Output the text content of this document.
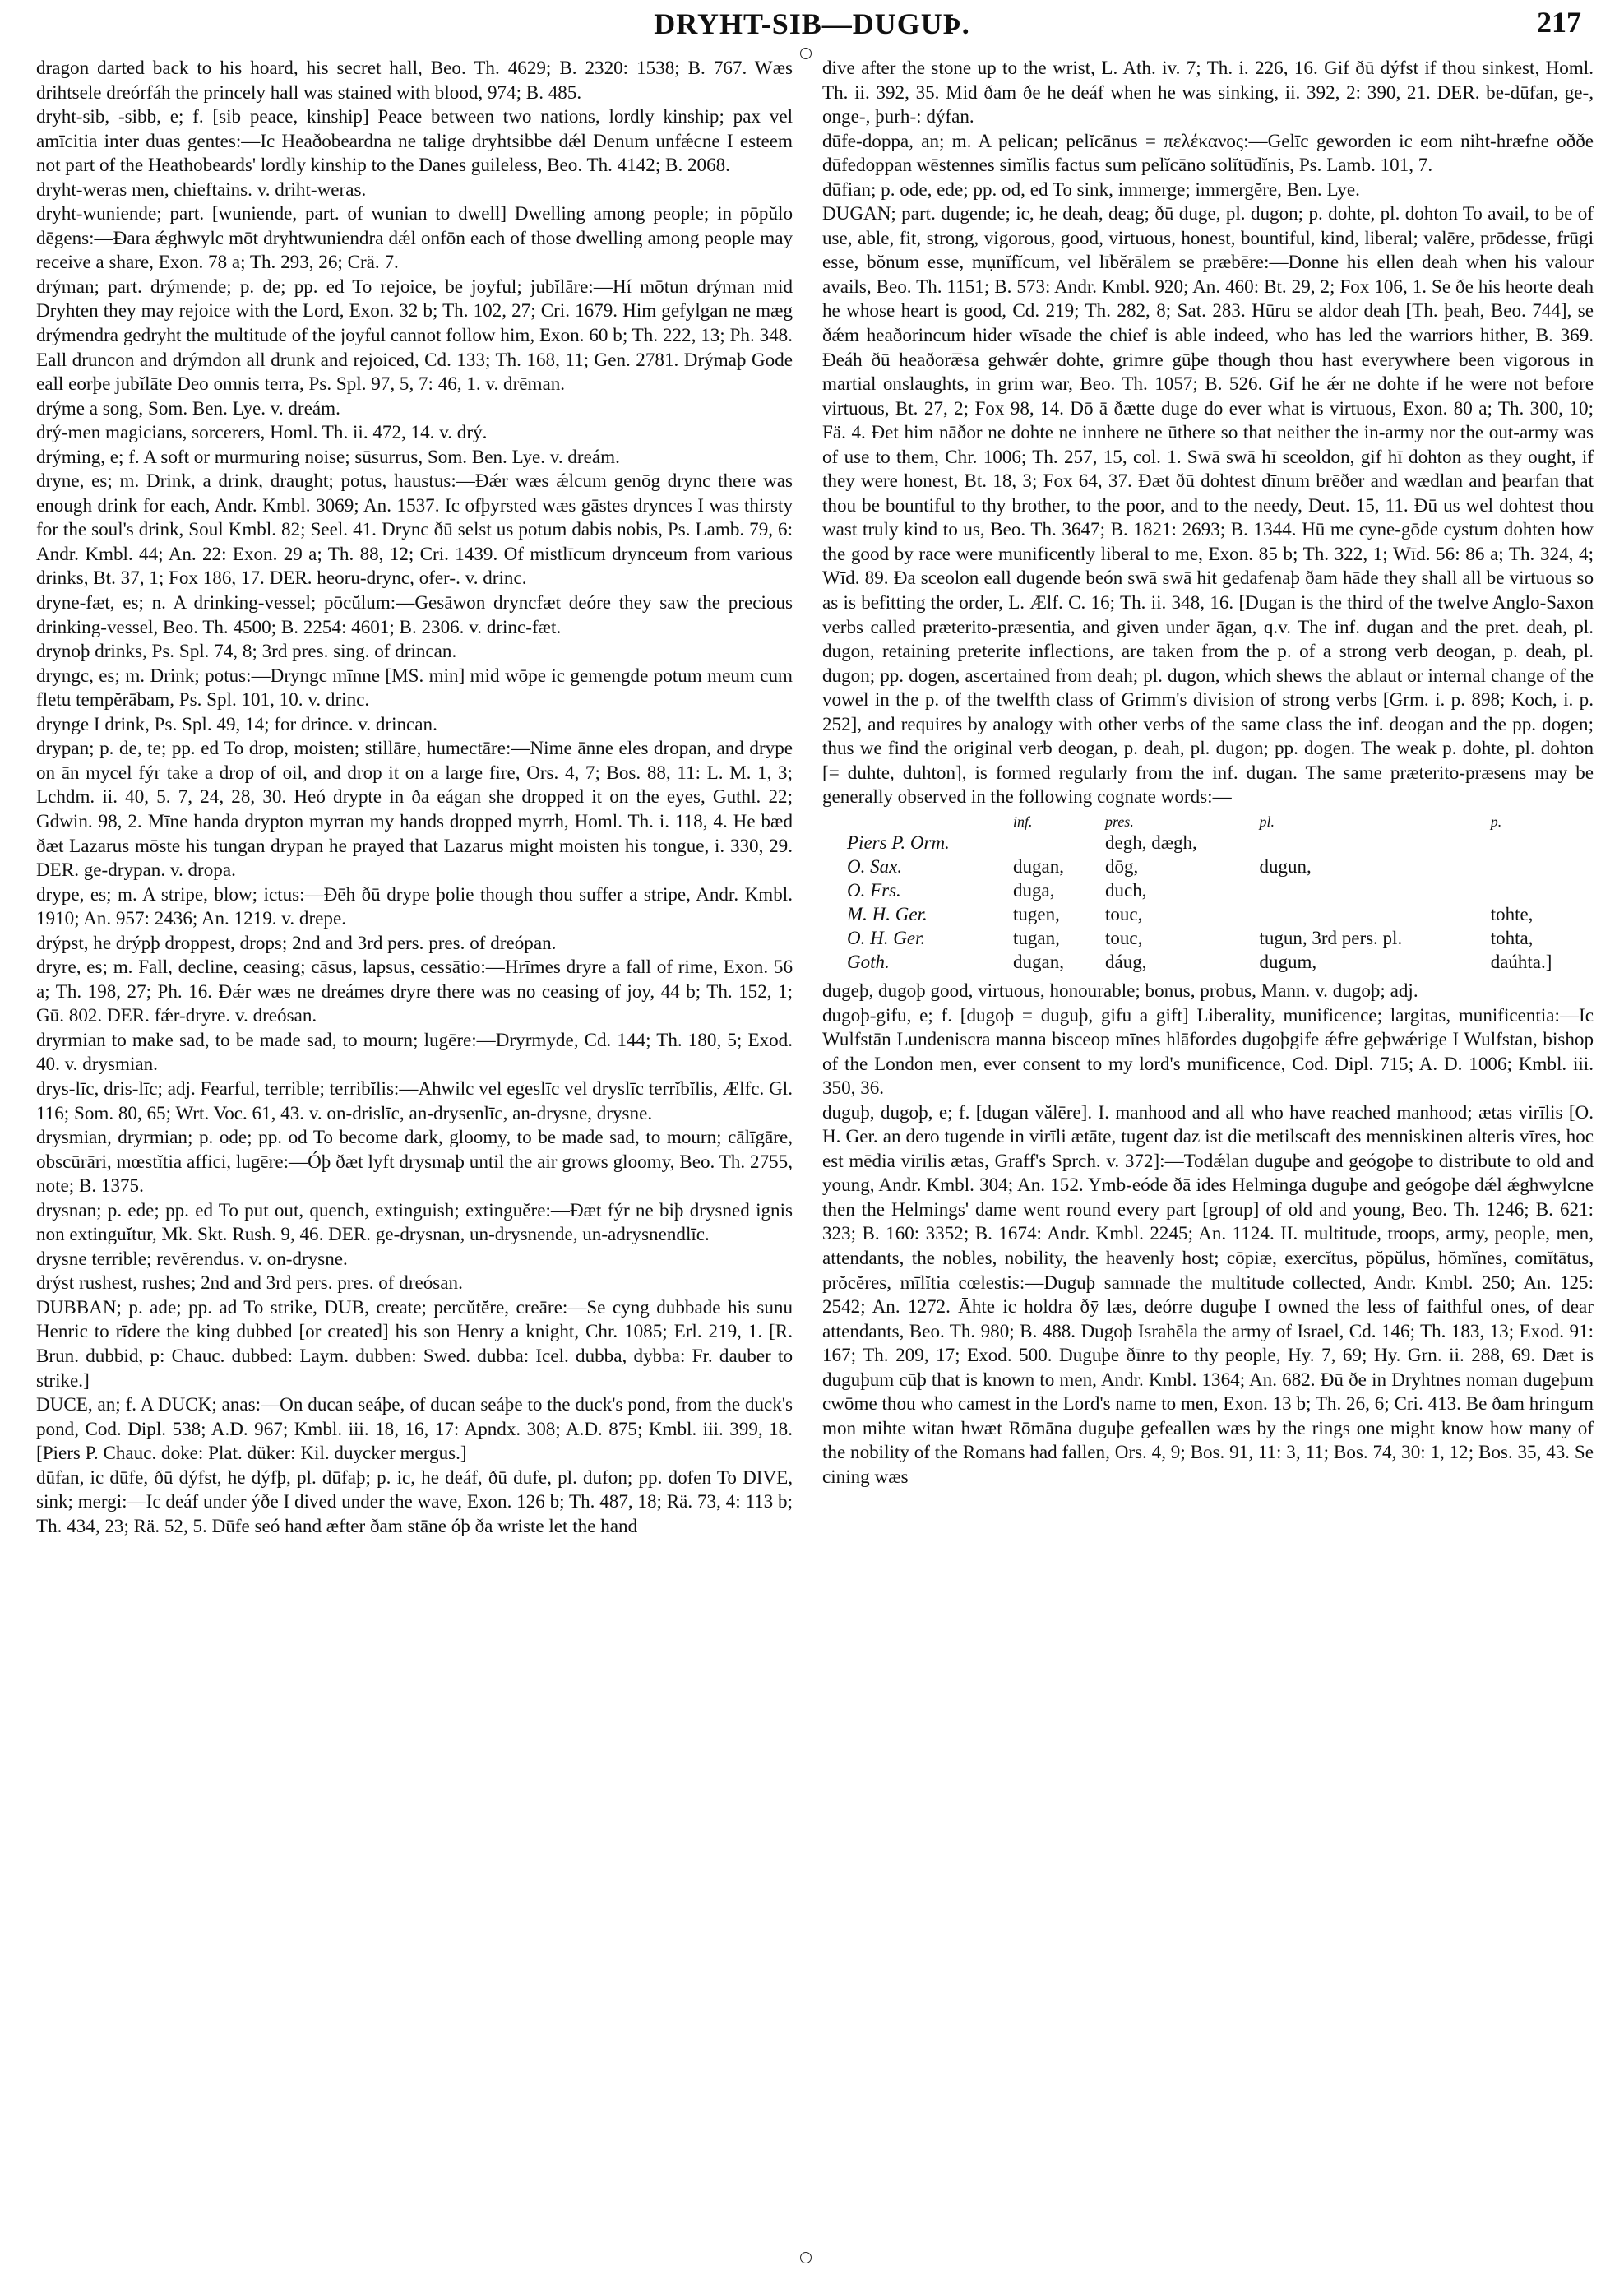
DRYHT-SIB—DUGUÞ.	217

dragon darted back to his hoard, his secret hall, Beo. Th. 4629; B. 2320: 1538; B. 767. Wæs drihtsele dreórfáh the princely hall was stained with blood, 974; B. 485.

dryht-sib, -sibb, e; f. [sib peace, kinship] Peace between two nations, lordly kinship; pax vel amīcitia inter duas gentes:—Ic Heaðobeardna ne talige dryhtsibbe dǽl Denum unfǽcne I esteem not part of the Heathobeards' lordly kinship to the Danes guileless, Beo. Th. 4142; B. 2068.

dryht-weras men, chieftains. v. driht-weras.

dryht-wuniende; part. [wuniende, part. of wunian to dwell] Dwelling among people; in pōpŭlo dēgens:—Ðara ǽghwylc mōt dryhtwuniendra dǽl onfōn each of those dwelling among people may receive a share, Exon. 78 a; Th. 293, 26; Crä. 7.

drýman; part. drýmende; p. de; pp. ed To rejoice, be joyful; jubĭlāre:—Hí mōtun drýman mid Dryhten they may rejoice with the Lord, Exon. 32 b; Th. 102, 27; Cri. 1679. Him gefylgan ne mæg drýmendra gedryht the multitude of the joyful cannot follow him, Exon. 60 b; Th. 222, 13; Ph. 348. Eall druncon and drýmdon all drunk and rejoiced, Cd. 133; Th. 168, 11; Gen. 2781. Drýmaþ Gode eall eorþe jubĭlāte Deo omnis terra, Ps. Spl. 97, 5, 7: 46, 1. v. drēman.

drýme a song, Som. Ben. Lye. v. dreám.

drý-men magicians, sorcerers, Homl. Th. ii. 472, 14. v. drý.

drýming, e; f. A soft or murmuring noise; sūsurrus, Som. Ben. Lye. v. dreám.

dryne, es; m. Drink, a drink, draught; potus, haustus:—Ðǽr wæs ǽlcum genōg drync there was enough drink for each, Andr. Kmbl. 3069; An. 1537. Ic ofþyrsted wæs gāstes drynces I was thirsty for the soul's drink, Soul Kmbl. 82; Seel. 41. Drync ðū selst us potum dabis nobis, Ps. Lamb. 79, 6: Andr. Kmbl. 44; An. 22: Exon. 29 a; Th. 88, 12; Cri. 1439. Of mistlīcum drynceum from various drinks, Bt. 37, 1; Fox 186, 17. DER. heoru-drync, ofer-. v. drinc.

dryne-fæt, es; n. A drinking-vessel; pōcŭlum:—Gesāwon dryncfæt deóre they saw the precious drinking-vessel, Beo. Th. 4500; B. 2254: 4601; B. 2306. v. drinc-fæt.

drynoþ drinks, Ps. Spl. 74, 8; 3rd pres. sing. of drincan.

dryngc, es; m. Drink; potus:—Dryngc mīnne [MS. min] mid wōpe ic gemengde potum meum cum fletu tempĕrābam, Ps. Spl. 101, 10. v. drinc.

drynge I drink, Ps. Spl. 49, 14; for drince. v. drincan.

drypan; p. de, te; pp. ed To drop, moisten; stillāre, humectāre:—Nime ānne eles dropan, and drype on ān mycel fýr take a drop of oil, and drop it on a large fire, Ors. 4, 7; Bos. 88, 11: L. M. 1, 3; Lchdm. ii. 40, 5. 7, 24, 28, 30. Heó drypte in ða eágan she dropped it on the eyes, Guthl. 22; Gdwin. 98, 2. Mīne handa drypton myrran my hands dropped myrrh, Homl. Th. i. 118, 4. He bæd ðæt Lazarus mōste his tungan drypan he prayed that Lazarus might moisten his tongue, i. 330, 29. DER. ge-drypan. v. dropa.

drype, es; m. A stripe, blow; ictus:—Ðēh ðū drype þolie though thou suffer a stripe, Andr. Kmbl. 1910; An. 957: 2436; An. 1219. v. drepe.

drýpst, he drýpþ droppest, drops; 2nd and 3rd pers. pres. of dreópan.

dryre, es; m. Fall, decline, ceasing; cāsus, lapsus, cessātio:—Hrīmes dryre a fall of rime, Exon. 56 a; Th. 198, 27; Ph. 16. Ðǽr wæs ne dreámes dryre there was no ceasing of joy, 44 b; Th. 152, 1; Gū. 802. DER. fǽr-dryre. v. dreósan.

dryrmian to make sad, to be made sad, to mourn; lugēre:—Dryrmyde, Cd. 144; Th. 180, 5; Exod. 40. v. drysmian.

drys-līc, dris-līc; adj. Fearful, terrible; terribĭlis:—Ahwilc vel egeslīc vel dryslīc terrĭbĭlis, Ælfc. Gl. 116; Som. 80, 65; Wrt. Voc. 61, 43. v. on-drislīc, an-drysenlīc, an-drysne, drysne.

drysmian, dryrmian; p. ode; pp. od To become dark, gloomy, to be made sad, to mourn; cālīgāre, obscūrāri, mœstĭtia affici, lugēre:—Óþ ðæt lyft drysmaþ until the air grows gloomy, Beo. Th. 2755, note; B. 1375.

drysnan; p. ede; pp. ed To put out, quench, extinguish; extinguĕre:—Ðæt fýr ne biþ drysned ignis non extinguĭtur, Mk. Skt. Rush. 9, 46. DER. ge-drysnan, un-drysnende, un-adrysnendlīc.

drysne terrible; revĕrendus. v. on-drysne.

drýst rushest, rushes; 2nd and 3rd pers. pres. of dreósan.

DUBBAN; p. ade; pp. ad To strike, DUB, create; percŭtĕre, creāre:—Se cyng dubbade his sunu Henric to rīdere the king dubbed [or created] his son Henry a knight, Chr. 1085; Erl. 219, 1. [R. Brun. dubbid, p: Chauc. dubbed: Laym. dubben: Swed. dubba: Icel. dubba, dybba: Fr. dauber to strike.]

DUCE, an; f. A DUCK; anas:—On ducan seáþe, of ducan seáþe to the duck's pond, from the duck's pond, Cod. Dipl. 538; A.D. 967; Kmbl. iii. 18, 16, 17: Apndx. 308; A.D. 875; Kmbl. iii. 399, 18. [Piers P. Chauc. doke: Plat. düker: Kil. duycker mergus.]

dūfan, ic dūfe, ðū dýfst, he dýfþ, pl. dūfaþ; p. ic, he deáf, ðū dufe, pl. dufon; pp. dofen To DIVE, sink; mergi:—Ic deáf under ýðe I dived under the wave, Exon. 126 b; Th. 487, 18; Rä. 73, 4: 113 b; Th. 434, 23; Rä. 52, 5. Dūfe seó hand æfter ðam stāne óþ ða wriste let the hand

dive after the stone up to the wrist, L. Ath. iv. 7; Th. i. 226, 16. Gif ðū dýfst if thou sinkest, Homl. Th. ii. 392, 35. Mid ðam ðe he deáf when he was sinking, ii. 392, 2: 390, 21. DER. be-dūfan, ge-, onge-, þurh-: dýfan.

dūfe-doppa, an; m. A pelican; pelĭcānus = πελέκανος:—Gelīc geworden ic eom niht-hræfne oððe dūfedoppan wēstennes simĭlis factus sum pelĭcāno solĭtūdĭnis, Ps. Lamb. 101, 7.

dūfian; p. ode, ede; pp. od, ed To sink, immerge; immergĕre, Ben. Lye.

DUGAN; part. dugende; ic, he deah, deag; ðū duge, pl. dugon; p. dohte, pl. dohton To avail, to be of use, able, fit, strong, vigorous, good, virtuous, honest, bountiful, kind, liberal; valēre, prōdesse, frūgi esse, bŏnum esse, mụnĭfĭcum, vel lībĕrālem se præbēre:—Ðonne his ellen deah when his valour avails, Beo. Th. 1151; B. 573: Andr. Kmbl. 920; An. 460: Bt. 29, 2; Fox 106, 1. Se ðe his heorte deah he whose heart is good, Cd. 219; Th. 282, 8; Sat. 283. Hūru se aldor deah [Th. þeah, Beo. 744], se ðǽm heaðorincum hider wīsade the chief is able indeed, who has led the warriors hither, B. 369. Ðeáh ðū heaðoræ̅sa gehwǽr dohte, grimre gūþe though thou hast everywhere been vigorous in martial onslaughts, in grim war, Beo. Th. 1057; B. 526. Gif he ǽr ne dohte if he were not before virtuous, Bt. 27, 2; Fox 98, 14. Dō ā ðætte duge do ever what is virtuous, Exon. 80 a; Th. 300, 10; Fä. 4. Ðet him nāðor ne dohte ne innhere ne ūthere so that neither the in-army nor the out-army was of use to them, Chr. 1006; Th. 257, 15, col. 1. Swā swā hī sceoldon, gif hī dohton as they ought, if they were honest, Bt. 18, 3; Fox 64, 37. Ðæt ðū dohtest dīnum brēðer and wædlan and þearfan that thou be bountiful to thy brother, to the poor, and to the needy, Deut. 15, 11. Ðū us wel dohtest thou wast truly kind to us, Beo. Th. 3647; B. 1821: 2693; B. 1344. Hū me cyne-gōde cystum dohten how the good by race were munificently liberal to me, Exon. 85 b; Th. 322, 1; Wīd. 56: 86 a; Th. 324, 4; Wīd. 89. Ða sceolon eall dugende beón swā swā hit gedafenaþ ðam hāde they shall all be virtuous so as is befitting the order, L. Ælf. C. 16; Th. ii. 348, 16. [Dugan is the third of the twelve Anglo-Saxon verbs called præterito-præsentia, and given under āgan, q.v. The inf. dugan and the pret. deah, pl. dugon, retaining preterite inflections, are taken from the p. of a strong verb deogan, p. deah, pl. dugon; pp. dogen, ascertained from deah; pl. dugon, which shews the ablaut or internal change of the vowel in the p. of the twelfth class of Grimm's division of strong verbs [Grm. i. p. 898; Koch, i. p. 252], and requires by analogy with other verbs of the same class the inf. deogan and the pp. dogen; thus we find the original verb deogan, p. deah, pl. dugon; pp. dogen. The weak p. dohte, pl. dohton [= duhte, duhton], is formed regularly from the inf. dugan. The same præterito-præsens may be generally observed in the following cognate words:—

	inf.	pres.	pl.	p.
Piers P. Orm.		degh, dægh,		
O. Sax.	dugan,	dōg,	dugun,	
O. Frs.	duga,	duch,		
M. H. Ger.	tugen,	touc,		tohte,
O. H. Ger.	tugan,	touc,	tugun, 3rd pers. pl.	tohta,
Goth.	dugan,	dáug,	dugum,	daúhta.]

dugeþ, dugoþ good, virtuous, honourable; bonus, probus, Mann. v. dugoþ; adj.

dugoþ-gifu, e; f. [dugoþ = duguþ, gifu a gift] Liberality, munificence; largitas, munificentia:—Ic Wulfstān Lundeniscra manna bisceop mīnes hlāfordes dugoþgife ǽfre geþwǽrige I Wulfstan, bishop of the London men, ever consent to my lord's munificence, Cod. Dipl. 715; A. D. 1006; Kmbl. iii. 350, 36.

duguþ, dugoþ, e; f. [dugan vălēre]. I. manhood and all who have reached manhood; ætas virīlis [O. H. Ger. an dero tugende in virīli ætāte, tugent daz ist die metilscaft des menniskinen alteris vīres, hoc est mēdia virīlis ætas, Graff's Sprch. v. 372]:—Todǽlan duguþe and geógoþe to distribute to old and young, Andr. Kmbl. 304; An. 152. Ymb-eóde ðā ides Helminga duguþe and geógoþe dǽl ǽghwylcne then the Helmings' dame went round every part [group] of old and young, Beo. Th. 1246; B. 621: 323; B. 160: 3352; B. 1674: Andr. Kmbl. 2245; An. 1124. II. multitude, troops, army, people, men, attendants, the nobles, nobility, the heavenly host; cōpiæ, exercĭtus, pŏpŭlus, hŏmĭnes, comĭtātus, prŏcĕres, mīlĭtia cœlestis:—Duguþ samnade the multitude collected, Andr. Kmbl. 250; An. 125: 2542; An. 1272. Āhte ic holdra ðȳ læs, deórre duguþe I owned the less of faithful ones, of dear attendants, Beo. Th. 980; B. 488. Dugoþ Israhēla the army of Israel, Cd. 146; Th. 183, 13; Exod. 91: 167; Th. 209, 17; Exod. 500. Duguþe ðīnre to thy people, Hy. 7, 69; Hy. Grn. ii. 288, 69. Ðæt is duguþum cūþ that is known to men, Andr. Kmbl. 1364; An. 682. Ðū ðe in Dryhtnes noman dugeþum cwōme thou who camest in the Lord's name to men, Exon. 13 b; Th. 26, 6; Cri. 413. Be ðam hringum mon mihte witan hwæt Rōmāna duguþe gefeallen wæs by the rings one might know how many of the nobility of the Romans had fallen, Ors. 4, 9; Bos. 91, 11: 3, 11; Bos. 74, 30: 1, 12; Bos. 35, 43. Se cining wæs
